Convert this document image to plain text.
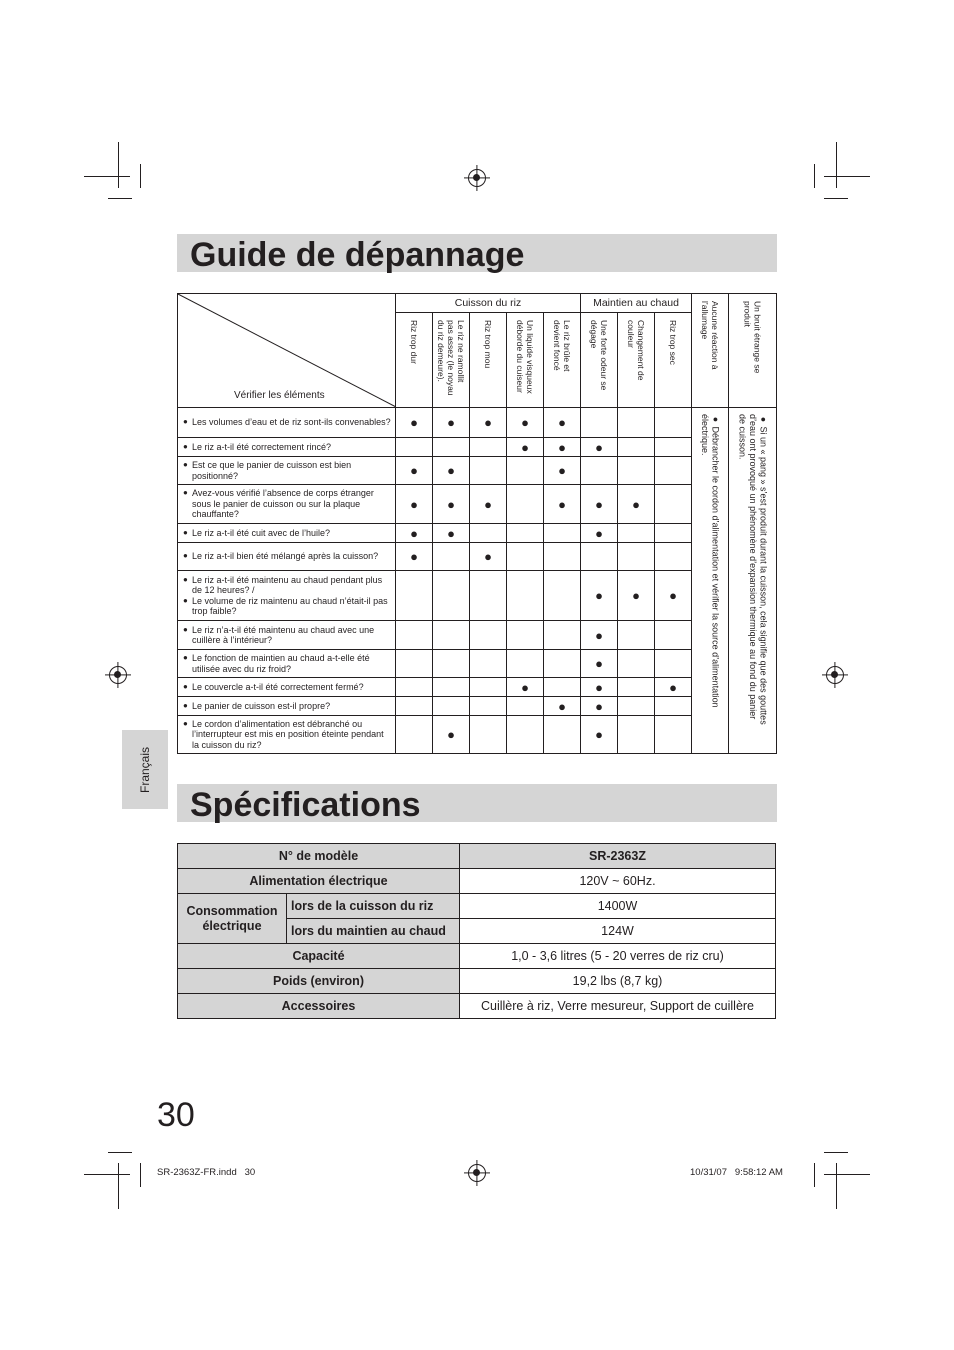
Français
Guide de dépannage
Vérifier les éléments	Cuisson du riz					Maintien au chaud			Aucune réaction à
l’allumage	Un bruit étrange se
produit

	Riz trop dur	Le riz ne ramollit
pas assez (le noyau
du riz demeure).	Riz trop mou	Un liquide visqueux
déborde du cuiseur	Le riz brûle et
devient foncé	Une forte odeur se
dégage	Changement de
couleur	Riz trop sec		

● Les volumes d’eau et de riz sont-ils convenables?	●	●	●	●	●				● Débrancher le cordon d’alimentation et vérifier la source d’alimentation
électrique.	● Si un « pang » s’est produit durant la cuisson, cela signifie que des gouttes
d’eau ont provoqué un phénomène d’expansion thermique au fond du panier
de cuisson.

● Le riz a-t-il été correctement rincé?				●	●	●				

● Est ce que le panier de cuisson est bien positionné?	●	●			●					

● Avez-vous vérifié l’absence de corps étranger sous le panier de cuisson ou sur la plaque chauffante?	●	●	●		●	●	●			

● Le riz a-t-il été cuit avec de l’huile?	●	●				●				

● Le riz a-t-il bien été mélangé après la cuisson?	●		●							

● Le riz a-t-il été maintenu au chaud pendant plus de 12 heures? /
● Le volume de riz maintenu au chaud n’était-il pas trop faible?						●	●	●		

● Le riz n’a-t-il été maintenu au chaud avec une cuillère à l’intérieur?						●				

● Le fonction de maintien au chaud a-t-elle été utilisée avec du riz froid?						●				

● Le couvercle a-t-il été correctement fermé?				●		●		●		

● Le panier de cuisson est-il propre?					●	●				

● Le cordon d’alimentation est débranché ou l’interrupteur est mis en position éteinte pendant la cuisson du riz?		●				●				
Spécifications
N° de modèle		SR-2363Z
Alimentation électrique		120V ~ 60Hz.
Consommation
électrique	lors de la cuisson du riz	1400W
	lors du maintien au chaud	124W
Capacité		1,0 - 3,6 litres (5 - 20 verres de riz cru)
Poids (environ)		19,2 lbs (8,7 kg)
Accessoires		Cuillère à riz, Verre mesureur, Support de cuillère
30
SR-2363Z-FR.indd   30	10/31/07   9:58:12 AM
